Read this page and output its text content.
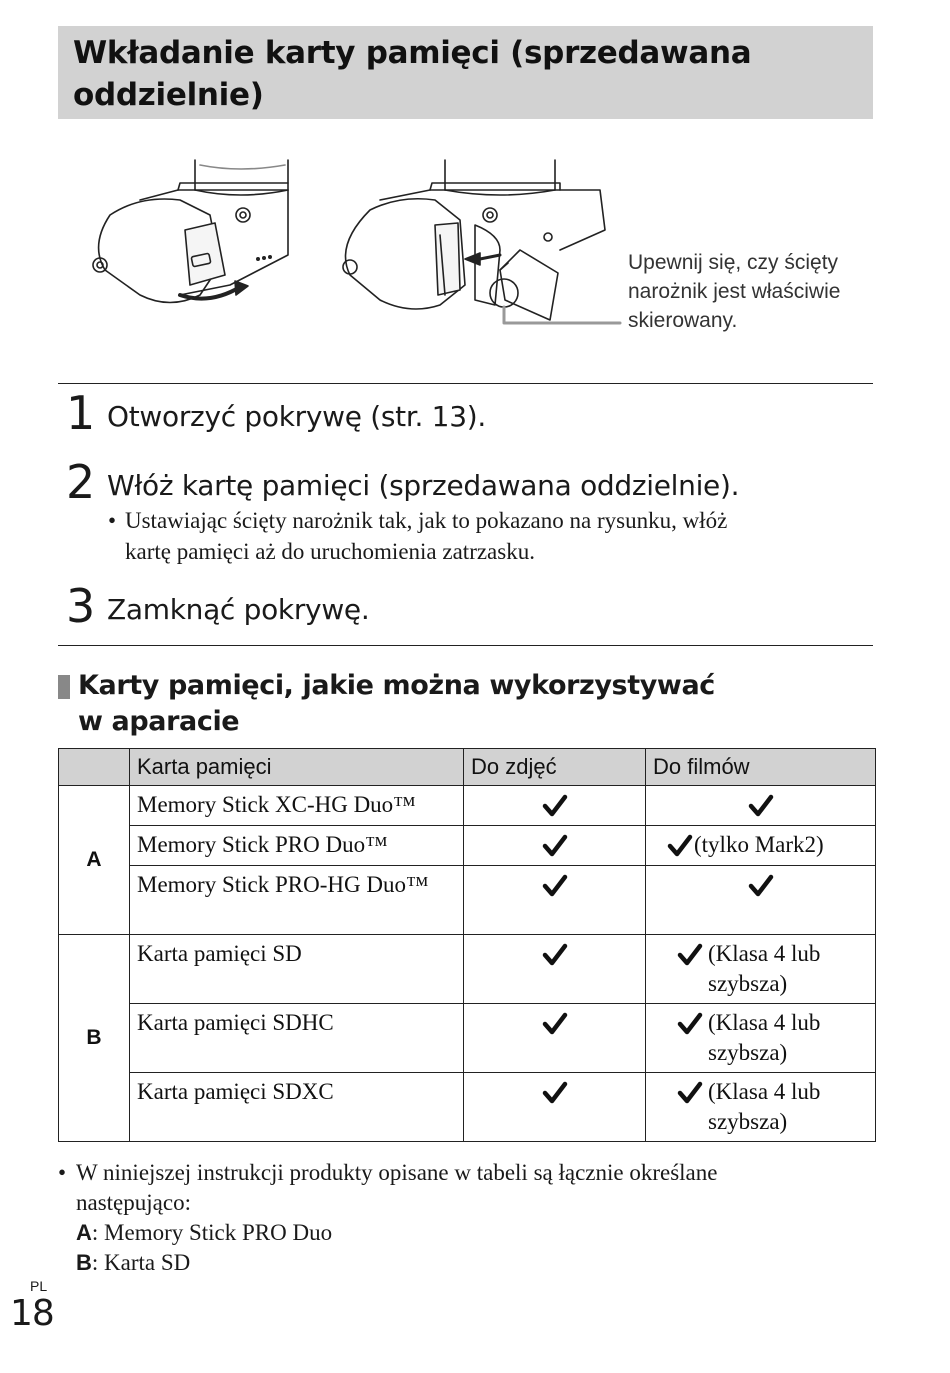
Wkładanie karty pamięci (sprzedawana
oddzielnie)
Upewnij się, czy ścięty
narożnik jest właściwie
skierowany.
1 Otworzyć pokrywę (str. 13).
2 Włóż kartę pamięci (sprzedawana oddzielnie).
• Ustawiając ścięty narożnik tak, jak to pokazano na rysunku, włóż
kartę pamięci aż do uruchomienia zatrzasku.
3 Zamknąć pokrywę.
Karty pamięci, jakie można wykorzystywać
w aparacie
	Karta pamięci	Do zdjęć	Do filmów
A	Memory Stick XC-HG Duo™		
	Memory Stick PRO Duo™		(tylko Mark2)
	Memory Stick PRO-HG Duo™		
B	Karta pamięci SD		(Klasa 4 lub
szybsza)
	Karta pamięci SDHC		(Klasa 4 lub
szybsza)
	Karta pamięci SDXC		(Klasa 4 lub
szybsza)
• W niniejszej instrukcji produkty opisane w tabeli są łącznie określane
następująco:
A: Memory Stick PRO Duo
B: Karta SD
PL
18
